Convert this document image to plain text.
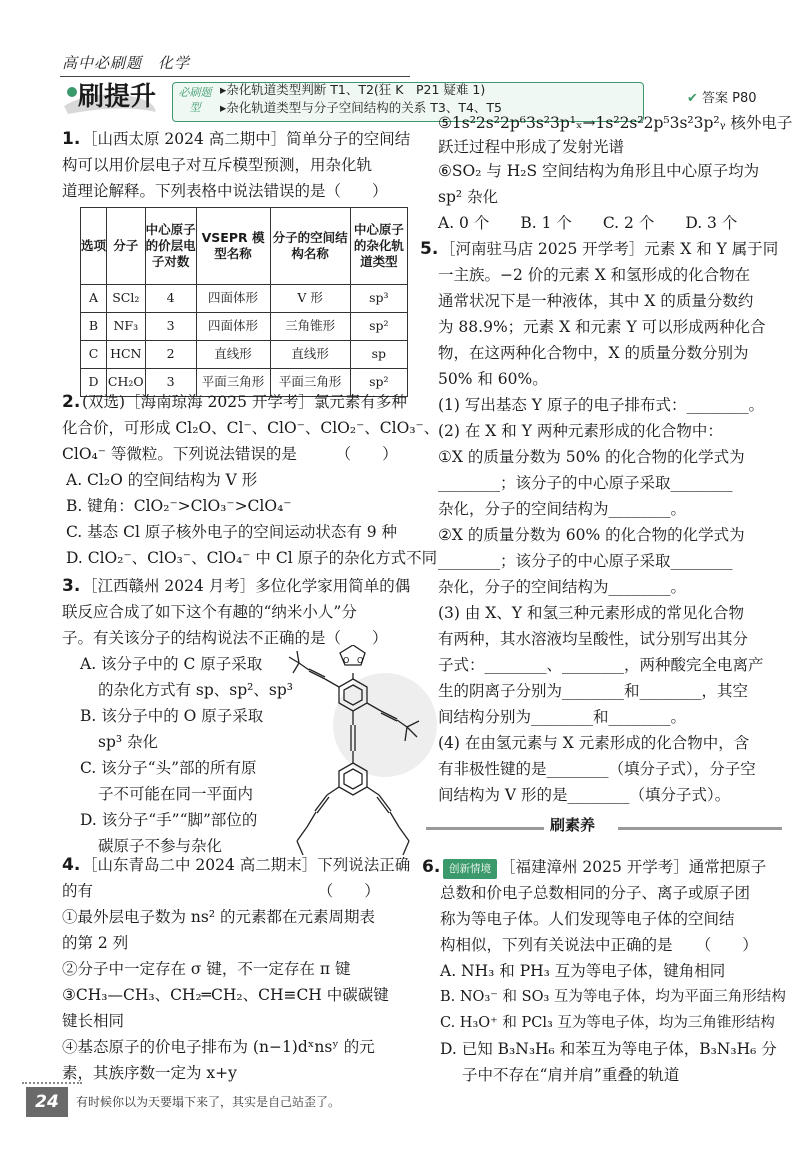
高中必刷题　化学
刷提升 必刷题型
▸杂化轨道类型判断 T1、T2(狂 K　P21 疑难 1)
▸杂化轨道类型与分子空间结构的关系 T3、T4、T5
✔ 答案 P80
1. ［山西太原 2024 高二期中］简单分子的空间结
构可以用价层电子对互斥模型预测，用杂化轨
道理论解释。下列表格中说法错误的是（　　）
选项	分子	中心原子的价层电子对数	VSEPR 模型名称	分子的空间结构名称	中心原子的杂化轨道类型
A	SCl₂	4	四面体形	V 形	sp³
B	NF₃	3	四面体形	三角锥形	sp²
C	HCN	2	直线形	直线形	sp
D	CH₂O	3	平面三角形	平面三角形	sp²
2. (双选)［海南琼海 2025 开学考］氯元素有多种
化合价，可形成 Cl₂O、Cl⁻、ClO⁻、ClO₂⁻、ClO₃⁻、
ClO₄⁻ 等微粒。下列说法错误的是　　　（　　）
A. Cl₂O 的空间结构为 V 形
B. 键角：ClO₂⁻>ClO₃⁻>ClO₄⁻
C. 基态 Cl 原子核外电子的空间运动状态有 9 种
D. ClO₂⁻、ClO₃⁻、ClO₄⁻ 中 Cl 原子的杂化方式不同
3. ［江西赣州 2024 月考］多位化学家用简单的偶
联反应合成了如下这个有趣的“纳米小人”分
子。有关该分子的结构说法不正确的是（　　）
A. 该分子中的 C 原子采取
的杂化方式有 sp、sp²、sp³
B. 该分子中的 O 原子采取
sp³ 杂化
C. 该分子“头”部的所有原
子不可能在同一平面内
D. 该分子“手”“脚”部位的
碳原子不参与杂化
O O
4. ［山东青岛二中 2024 高二期末］下列说法正确
的有　　　　　　　　　　　　　　　（　　）
①最外层电子数为 ns² 的元素都在元素周期表
的第 2 列
②分子中一定存在 σ 键，不一定存在 π 键
③CH₃—CH₃、CH₂═CH₂、CH≡CH 中碳碳键
键长相同
④基态原子的价电子排布为 (n−1)dˣnsʸ 的元
素，其族序数一定为 x+y
⑤1s²2s²2p⁶3s²3p¹ₓ→1s²2s²2p⁵3s²3p²ᵧ 核外电子
跃迁过程中形成了发射光谱
⑥SO₂ 与 H₂S 空间结构为角形且中心原子均为
sp² 杂化
A. 0 个　　B. 1 个　　C. 2 个　　D. 3 个
5. ［河南驻马店 2025 开学考］元素 X 和 Y 属于同
一主族。−2 价的元素 X 和氢形成的化合物在
通常状况下是一种液体，其中 X 的质量分数约
为 88.9%；元素 X 和元素 Y 可以形成两种化合
物，在这两种化合物中，X 的质量分数分别为
50% 和 60%。
(1) 写出基态 Y 原子的电子排布式：________。
(2) 在 X 和 Y 两种元素形成的化合物中：
①X 的质量分数为 50% 的化合物的化学式为
________；该分子的中心原子采取________
杂化，分子的空间结构为________。
②X 的质量分数为 60% 的化合物的化学式为
________；该分子的中心原子采取________
杂化，分子的空间结构为________。
(3) 由 X、Y 和氢三种元素形成的常见化合物
有两种，其水溶液均呈酸性，试分别写出其分
子式：________、________，两种酸完全电离产
生的阴离子分别为________和________，其空
间结构分别为________和________。
(4) 在由氢元素与 X 元素形成的化合物中，含
有非极性键的是________（填分子式），分子空
间结构为 V 形的是________（填分子式）。
刷素养
6. 创新情境 ［福建漳州 2025 开学考］通常把原子
总数和价电子总数相同的分子、离子或原子团
称为等电子体。人们发现等电子体的空间结
构相似，下列有关说法中正确的是　　（　　）
A. NH₃ 和 PH₃ 互为等电子体，键角相同
B. NO₃⁻ 和 SO₃ 互为等电子体，均为平面三角形结构
C. H₃O⁺ 和 PCl₃ 互为等电子体，均为三角锥形结构
D. 已知 B₃N₃H₆ 和苯互为等电子体，B₃N₃H₆ 分
子中不存在“肩并肩”重叠的轨道
24	有时候你以为天要塌下来了，其实是自己站歪了。
